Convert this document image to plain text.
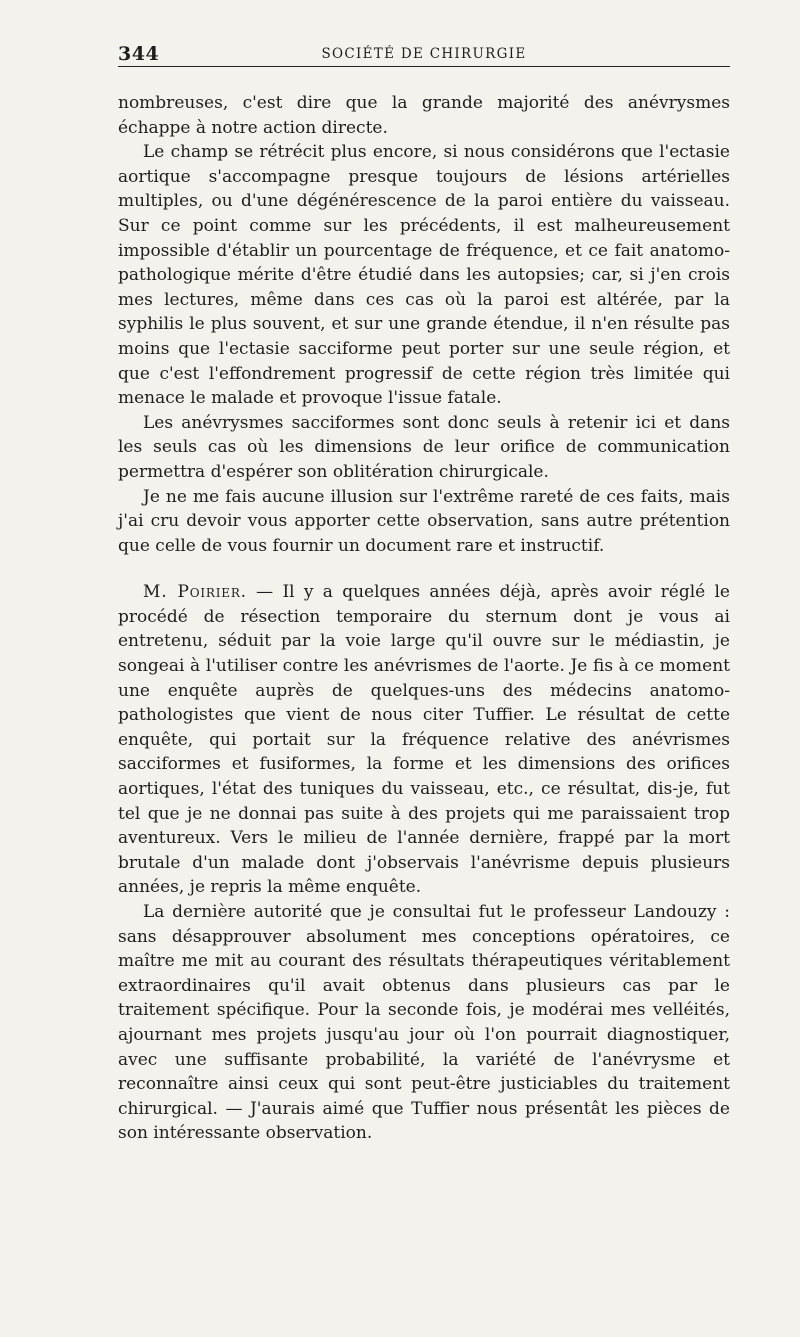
344	SOCIÉTÉ DE CHIRURGIE

nombreuses, c'est dire que la grande majorité des anévrysmes échappe à notre action directe.

Le champ se rétrécit plus encore, si nous considérons que l'ectasie aortique s'accompagne presque toujours de lésions artérielles multiples, ou d'une dégénérescence de la paroi entière du vaisseau. Sur ce point comme sur les précédents, il est malheureusement impossible d'établir un pourcentage de fréquence, et ce fait anatomo-pathologique mérite d'être étudié dans les autopsies; car, si j'en crois mes lectures, même dans ces cas où la paroi est altérée, par la syphilis le plus souvent, et sur une grande étendue, il n'en résulte pas moins que l'ectasie sacciforme peut porter sur une seule région, et que c'est l'effondrement progressif de cette région très limitée qui menace le malade et provoque l'issue fatale.

Les anévrysmes sacciformes sont donc seuls à retenir ici et dans les seuls cas où les dimensions de leur orifice de communication permettra d'espérer son oblitération chirurgicale.

Je ne me fais aucune illusion sur l'extrême rareté de ces faits, mais j'ai cru devoir vous apporter cette observation, sans autre prétention que celle de vous fournir un document rare et instructif.

M. Poirier. — Il y a quelques années déjà, après avoir réglé le procédé de résection temporaire du sternum dont je vous ai entretenu, séduit par la voie large qu'il ouvre sur le médiastin, je songeai à l'utiliser contre les anévrismes de l'aorte. Je fis à ce moment une enquête auprès de quelques-uns des médecins anatomo-pathologistes que vient de nous citer Tuffier. Le résultat de cette enquête, qui portait sur la fréquence relative des anévrismes sacciformes et fusiformes, la forme et les dimensions des orifices aortiques, l'état des tuniques du vaisseau, etc., ce résultat, dis-je, fut tel que je ne donnai pas suite à des projets qui me paraissaient trop aventureux. Vers le milieu de l'année dernière, frappé par la mort brutale d'un malade dont j'observais l'anévrisme depuis plusieurs années, je repris la même enquête.

La dernière autorité que je consultai fut le professeur Landouzy : sans désapprouver absolument mes conceptions opératoires, ce maître me mit au courant des résultats thérapeutiques véritablement extraordinaires qu'il avait obtenus dans plusieurs cas par le traitement spécifique. Pour la seconde fois, je modérai mes velléités, ajournant mes projets jusqu'au jour où l'on pourrait diagnostiquer, avec une suffisante probabilité, la variété de l'anévrysme et reconnaître ainsi ceux qui sont peut-être justiciables du traitement chirurgical. — J'aurais aimé que Tuffier nous présentât les pièces de son intéressante observation.
